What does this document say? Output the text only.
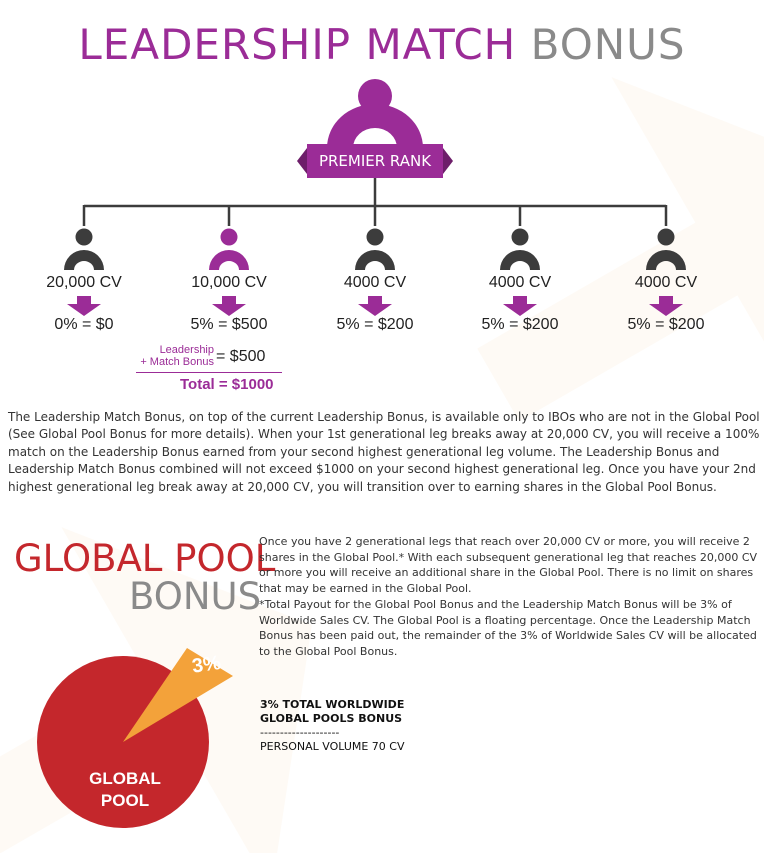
LEADERSHIP MATCH BONUS
PREMIER RANK
20,000 CV
0% = $0
10,000 CV
5% = $500
4000 CV
5% = $200
4000 CV
5% = $200
4000 CV
5% = $200
Leadership
+ Match Bonus = $500
Total = $1000
The Leadership Match Bonus, on top of the current Leadership Bonus, is available only to IBOs who are not in the Global Pool (See Global Pool Bonus for more details). When your 1st generational leg breaks away at 20,000 CV, you will receive a 100% match on the Leadership Bonus earned from your second highest generational leg volume. The Leadership Bonus and Leadership Match Bonus combined will not exceed $1000 on your second highest generational leg. Once you have your 2nd highest generational leg break away at 20,000 CV, you will transition over to earning shares in the Global Pool Bonus.
GLOBAL POOL
BONUS
Once you have 2 generational legs that reach over 20,000 CV or more, you will receive 2 shares in the Global Pool.* With each subsequent generational leg that reaches 20,000 CV or more you will receive an additional share in the Global Pool. There is no limit on shares that may be earned in the Global Pool.
*Total Payout for the Global Pool Bonus and the Leadership Match Bonus will be 3% of Worldwide Sales CV. The Global Pool is a floating percentage. Once the Leadership Match Bonus has been paid out, the remainder of the 3% of Worldwide Sales CV will be allocated to the Global Pool Bonus.
3%
GLOBAL
POOL
3% TOTAL WORLDWIDE
GLOBAL POOLS BONUS
--------------------
PERSONAL VOLUME 70 CV
